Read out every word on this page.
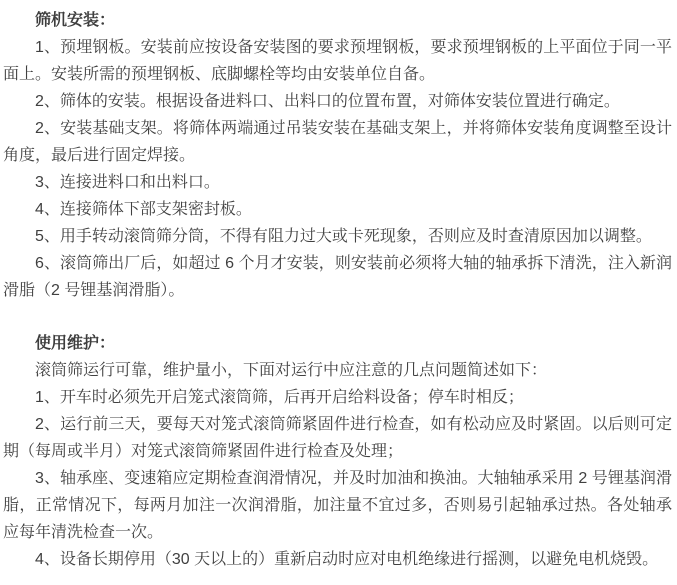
筛机安装：

1、预埋钢板。安装前应按设备安装图的要求预埋钢板，要求预埋钢板的上平面位于同一平面上。安装所需的预埋钢板、底脚螺栓等均由安装单位自备。

2、筛体的安装。根据设备进料口、出料口的位置布置，对筛体安装位置进行确定。

2、安装基础支架。将筛体两端通过吊装安装在基础支架上，并将筛体安装角度调整至设计角度，最后进行固定焊接。

3、连接进料口和出料口。

4、连接筛体下部支架密封板。

5、用手转动滚筒筛分筒，不得有阻力过大或卡死现象，否则应及时查清原因加以调整。

6、滚筒筛出厂后，如超过 6 个月才安装，则安装前必须将大轴的轴承拆下清洗，注入新润滑脂（2 号锂基润滑脂）。

使用维护：

滚筒筛运行可靠，维护量小，下面对运行中应注意的几点问题简述如下：

1、开车时必须先开启笼式滚筒筛，后再开启给料设备；停车时相反；

2、运行前三天，要每天对笼式滚筒筛紧固件进行检查，如有松动应及时紧固。以后则可定期（每周或半月）对笼式滚筒筛紧固件进行检查及处理；

3、轴承座、变速箱应定期检查润滑情况，并及时加油和换油。大轴轴承采用 2 号锂基润滑脂，正常情况下，每两月加注一次润滑脂，加注量不宜过多，否则易引起轴承过热。各处轴承应每年清洗检查一次。

4、设备长期停用（30 天以上的）重新启动时应对电机绝缘进行摇测，以避免电机烧毁。
